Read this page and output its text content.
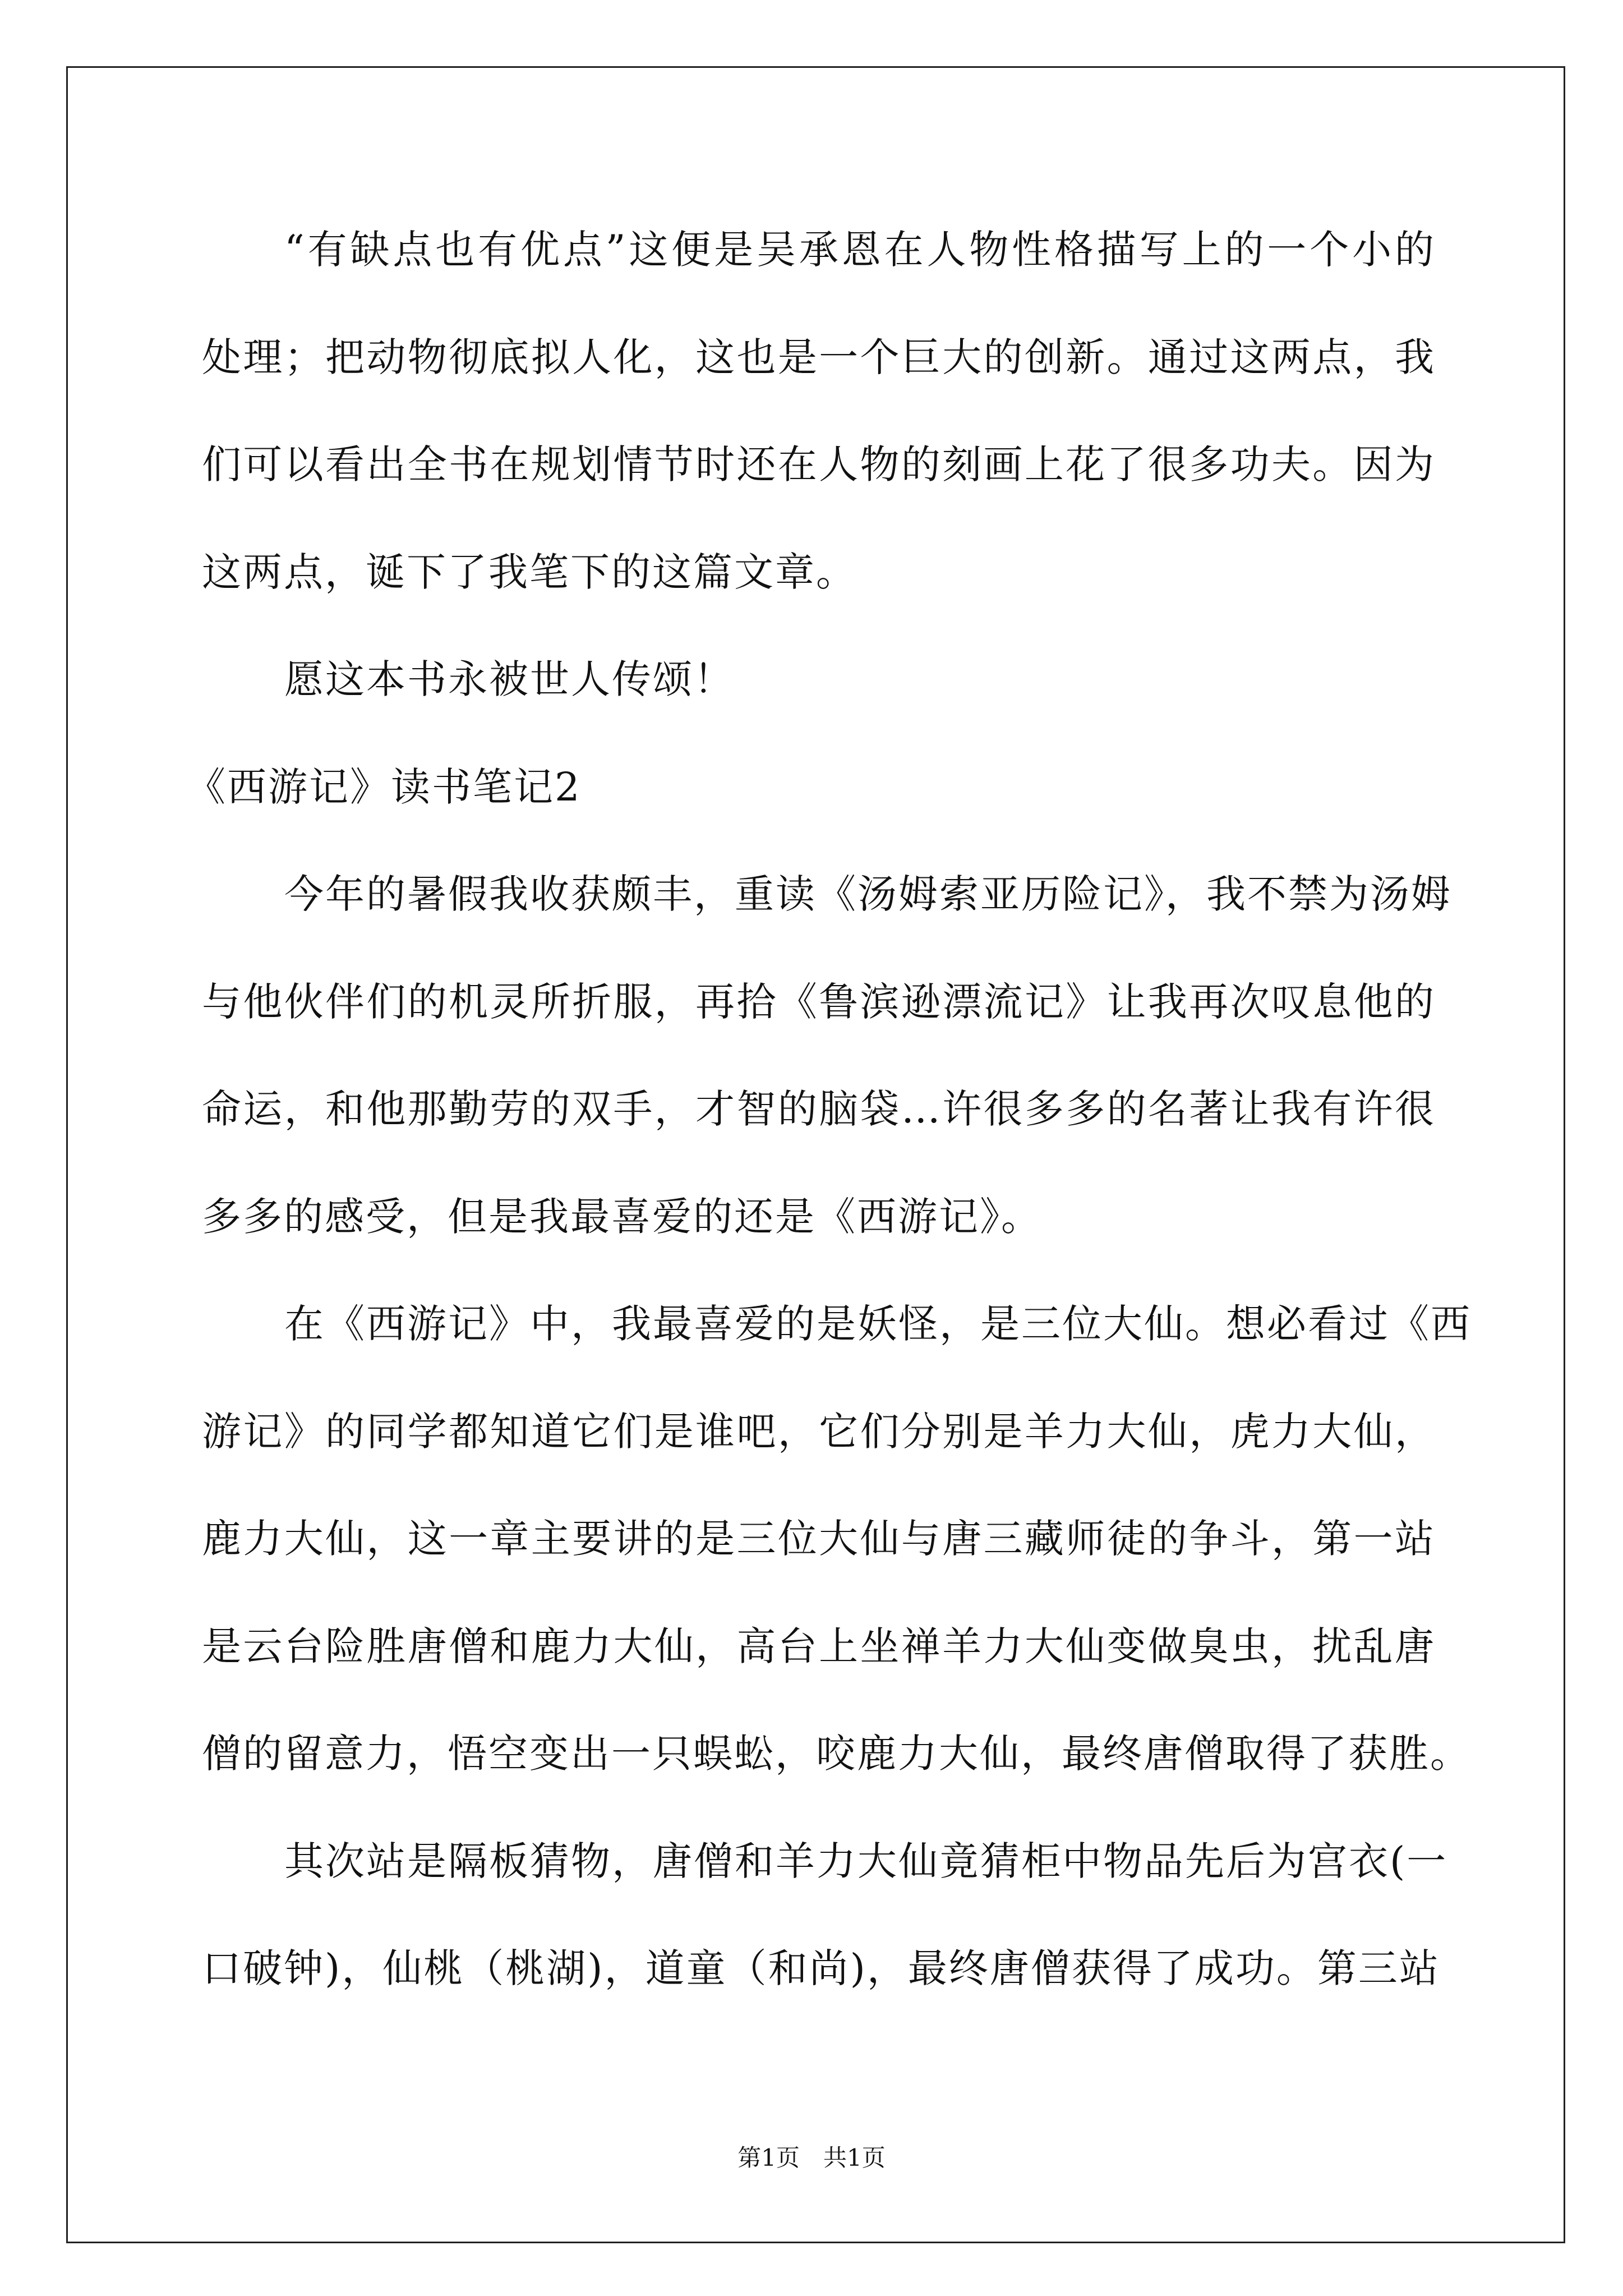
“有缺点也有优点”这便是吴承恩在人物性格描写上的一个小的
处理；把动物彻底拟人化，这也是一个巨大的创新。通过这两点，我
们可以看出全书在规划情节时还在人物的刻画上花了很多功夫。因为
这两点，诞下了我笔下的这篇文章。
愿这本书永被世人传颂！
《西游记》读书笔记2
今年的暑假我收获颇丰，重读《汤姆索亚历险记》，我不禁为汤姆
与他伙伴们的机灵所折服，再拾《鲁滨逊漂流记》让我再次叹息他的
命运，和他那勤劳的双手，才智的脑袋…许很多多的名著让我有许很
多多的感受，但是我最喜爱的还是《西游记》。
在《西游记》中，我最喜爱的是妖怪，是三位大仙。想必看过《西
游记》的同学都知道它们是谁吧，它们分别是羊力大仙，虎力大仙，
鹿力大仙，这一章主要讲的是三位大仙与唐三藏师徒的争斗，第一站
是云台险胜唐僧和鹿力大仙，高台上坐禅羊力大仙变做臭虫，扰乱唐
僧的留意力，悟空变出一只蜈蚣，咬鹿力大仙，最终唐僧取得了获胜。
其次站是隔板猜物，唐僧和羊力大仙竟猜柜中物品先后为宫衣(一
口破钟)，仙桃（桃湖)，道童（和尚)，最终唐僧获得了成功。第三站
第1页　共1页
